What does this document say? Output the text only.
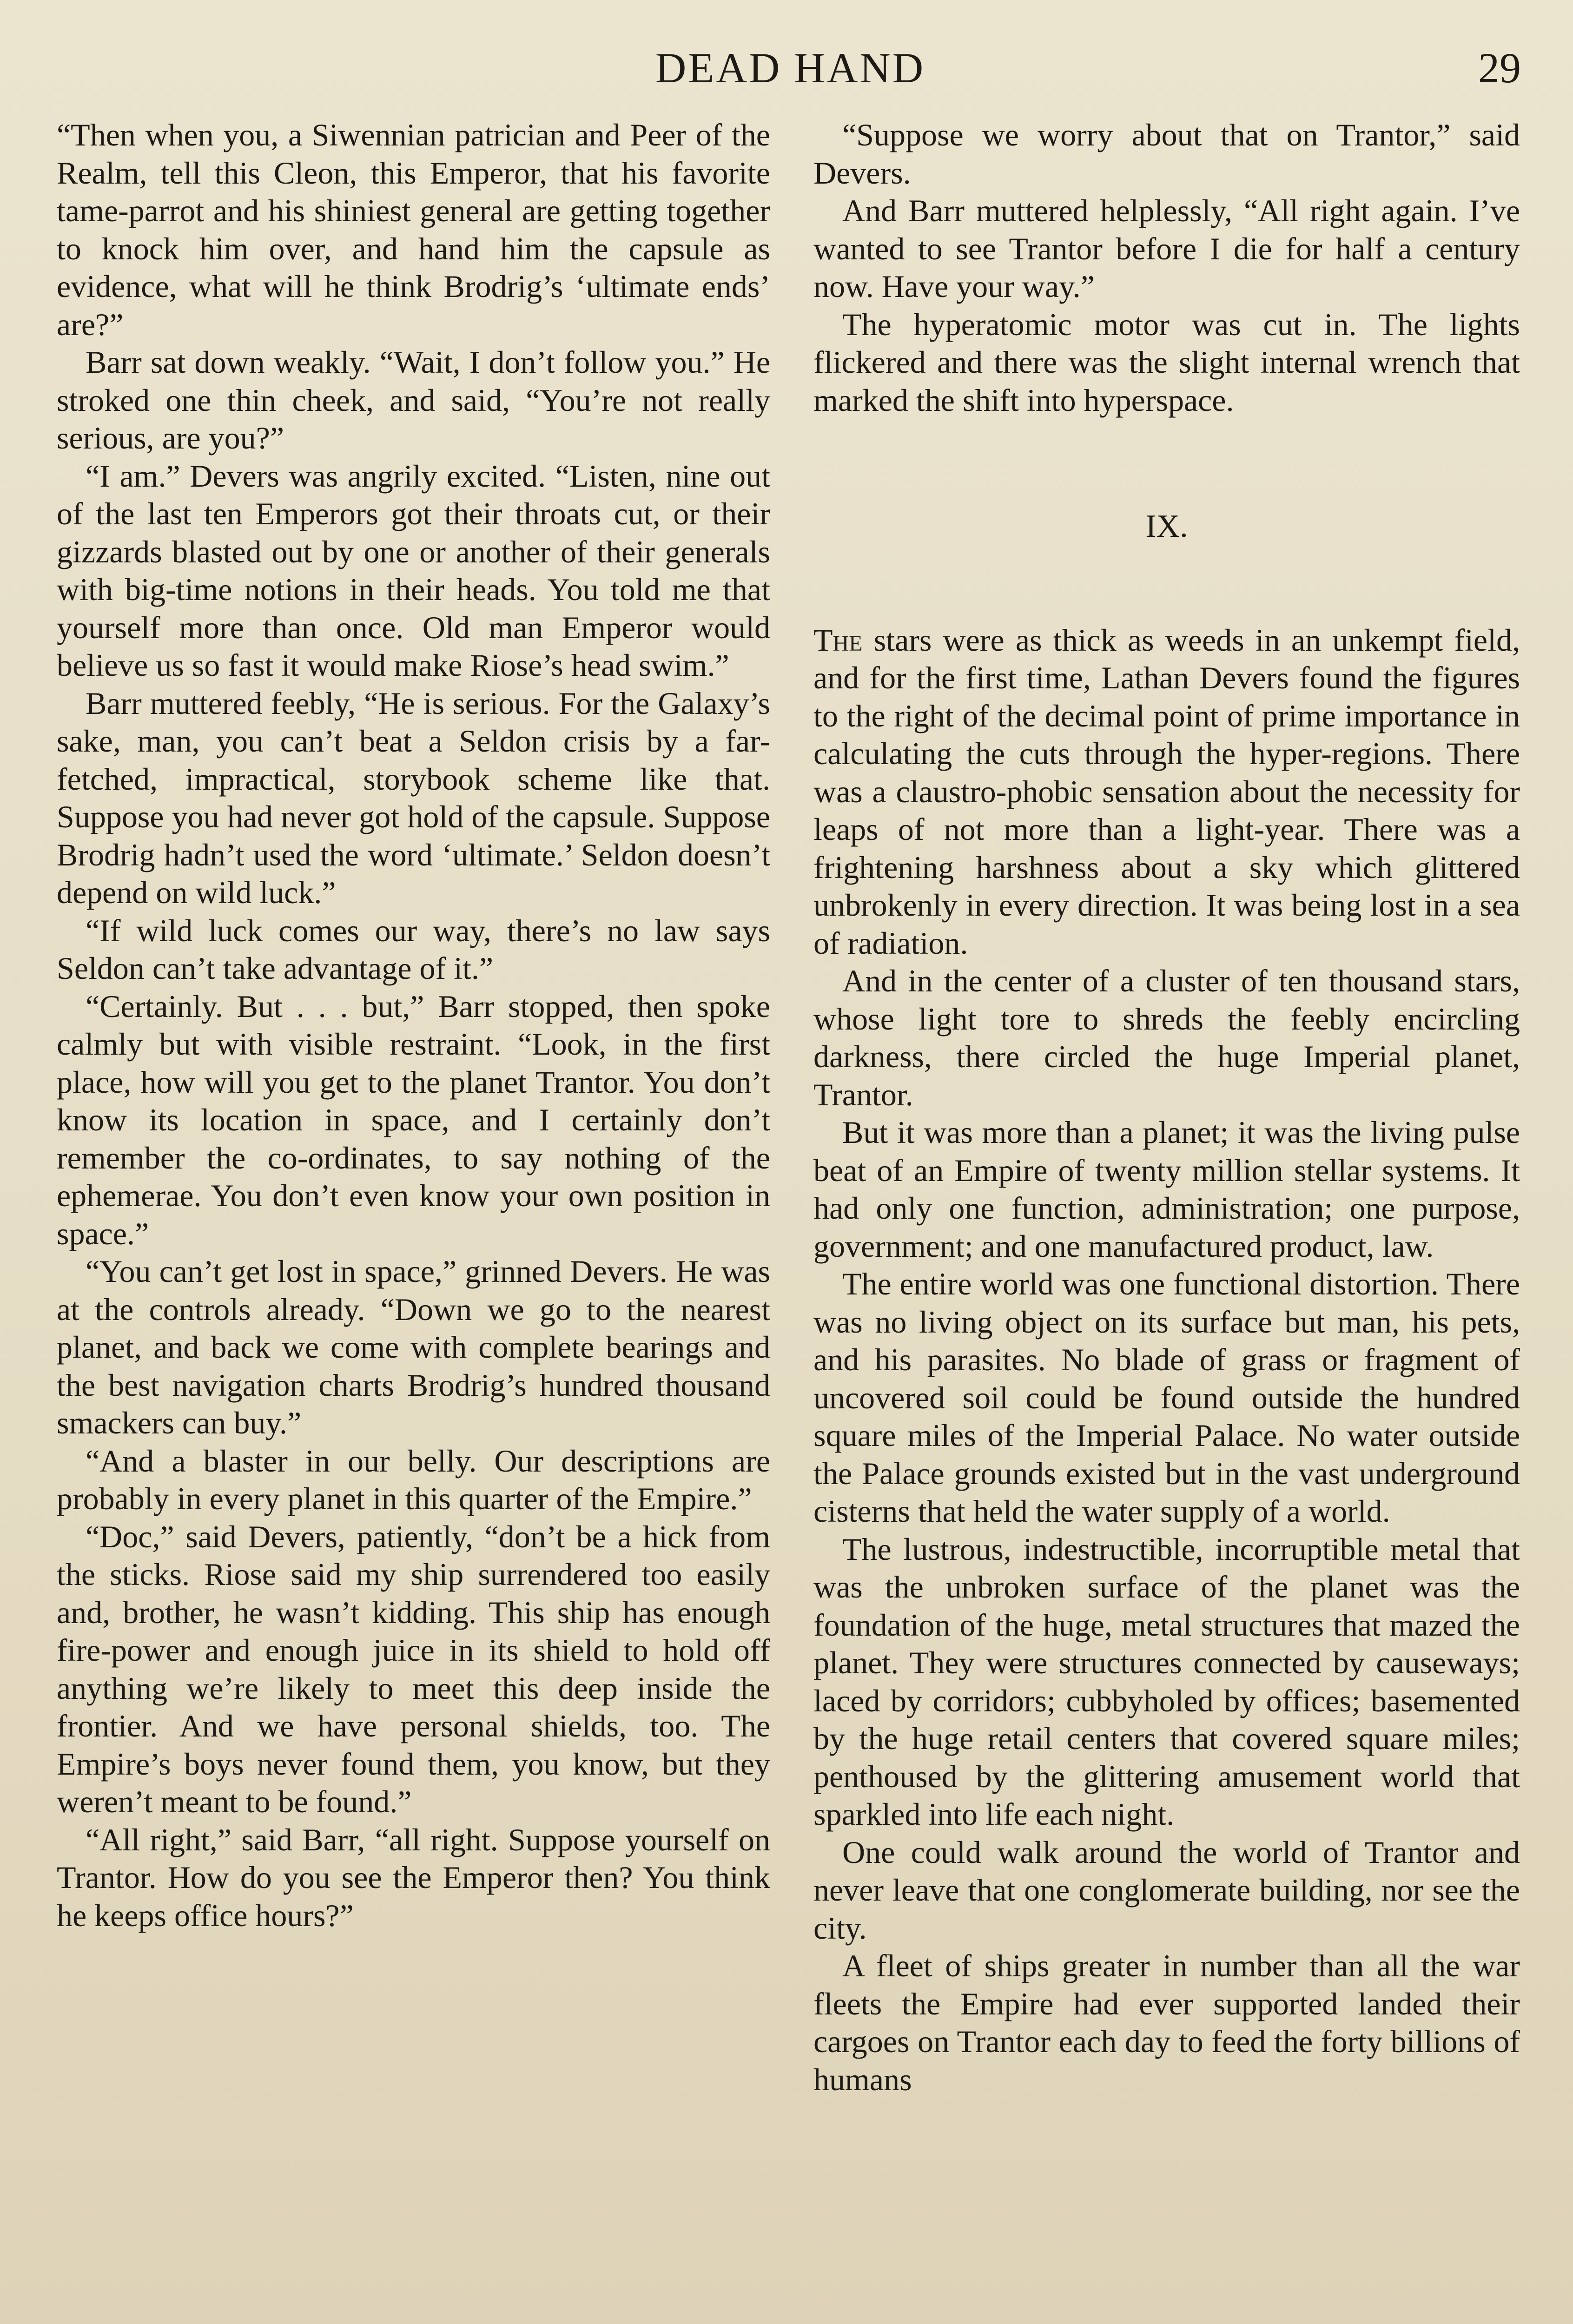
DEAD HAND	29

“Then when you, a Siwennian patrician and Peer of the Realm, tell this Cleon, this Emperor, that his favorite tame-parrot and his shiniest general are getting together to knock him over, and hand him the capsule as evidence, what will he think Brodrig’s ‘ultimate ends’ are?”

Barr sat down weakly. “Wait, I don’t follow you.” He stroked one thin cheek, and said, “You’re not really serious, are you?”

“I am.” Devers was angrily excited. “Listen, nine out of the last ten Emperors got their throats cut, or their gizzards blasted out by one or another of their generals with big-time notions in their heads. You told me that yourself more than once. Old man Emperor would believe us so fast it would make Riose’s head swim.”

Barr muttered feebly, “He is serious. For the Galaxy’s sake, man, you can’t beat a Seldon crisis by a far-fetched, impractical, storybook scheme like that. Suppose you had never got hold of the capsule. Suppose Brodrig hadn’t used the word ‘ultimate.’ Seldon doesn’t depend on wild luck.”

“If wild luck comes our way, there’s no law says Seldon can’t take advantage of it.”

“Certainly. But . . . but,” Barr stopped, then spoke calmly but with visible restraint. “Look, in the first place, how will you get to the planet Trantor. You don’t know its location in space, and I certainly don’t remember the co-ordinates, to say nothing of the ephemerae. You don’t even know your own position in space.”

“You can’t get lost in space,” grinned Devers. He was at the controls already. “Down we go to the nearest planet, and back we come with complete bearings and the best navigation charts Brodrig’s hundred thousand smackers can buy.”

“And a blaster in our belly. Our descriptions are probably in every planet in this quarter of the Empire.”

“Doc,” said Devers, patiently, “don’t be a hick from the sticks. Riose said my ship surrendered too easily and, brother, he wasn’t kidding. This ship has enough fire-power and enough juice in its shield to hold off anything we’re likely to meet this deep inside the frontier. And we have personal shields, too. The Empire’s boys never found them, you know, but they weren’t meant to be found.”

“All right,” said Barr, “all right. Suppose yourself on Trantor. How do you see the Emperor then? You think he keeps office hours?”

“Suppose we worry about that on Trantor,” said Devers.

And Barr muttered helplessly, “All right again. I’ve wanted to see Trantor before I die for half a century now. Have your way.”

The hyperatomic motor was cut in. The lights flickered and there was the slight internal wrench that marked the shift into hyperspace.

IX.

The stars were as thick as weeds in an unkempt field, and for the first time, Lathan Devers found the figures to the right of the decimal point of prime importance in calculating the cuts through the hyper-regions. There was a claustro-phobic sensation about the necessity for leaps of not more than a light-year. There was a frightening harshness about a sky which glittered unbrokenly in every direction. It was being lost in a sea of radiation.

And in the center of a cluster of ten thousand stars, whose light tore to shreds the feebly encircling darkness, there circled the huge Imperial planet, Trantor.

But it was more than a planet; it was the living pulse beat of an Empire of twenty million stellar systems. It had only one function, administration; one purpose, government; and one manufactured product, law.

The entire world was one functional distortion. There was no living object on its surface but man, his pets, and his parasites. No blade of grass or fragment of uncovered soil could be found outside the hundred square miles of the Imperial Palace. No water outside the Palace grounds existed but in the vast underground cisterns that held the water supply of a world.

The lustrous, indestructible, incorruptible metal that was the unbroken surface of the planet was the foundation of the huge, metal structures that mazed the planet. They were structures connected by causeways; laced by corridors; cubbyholed by offices; basemented by the huge retail centers that covered square miles; penthoused by the glittering amusement world that sparkled into life each night.

One could walk around the world of Trantor and never leave that one conglomerate building, nor see the city.

A fleet of ships greater in number than all the war fleets the Empire had ever supported landed their cargoes on Trantor each day to feed the forty billions of humans
